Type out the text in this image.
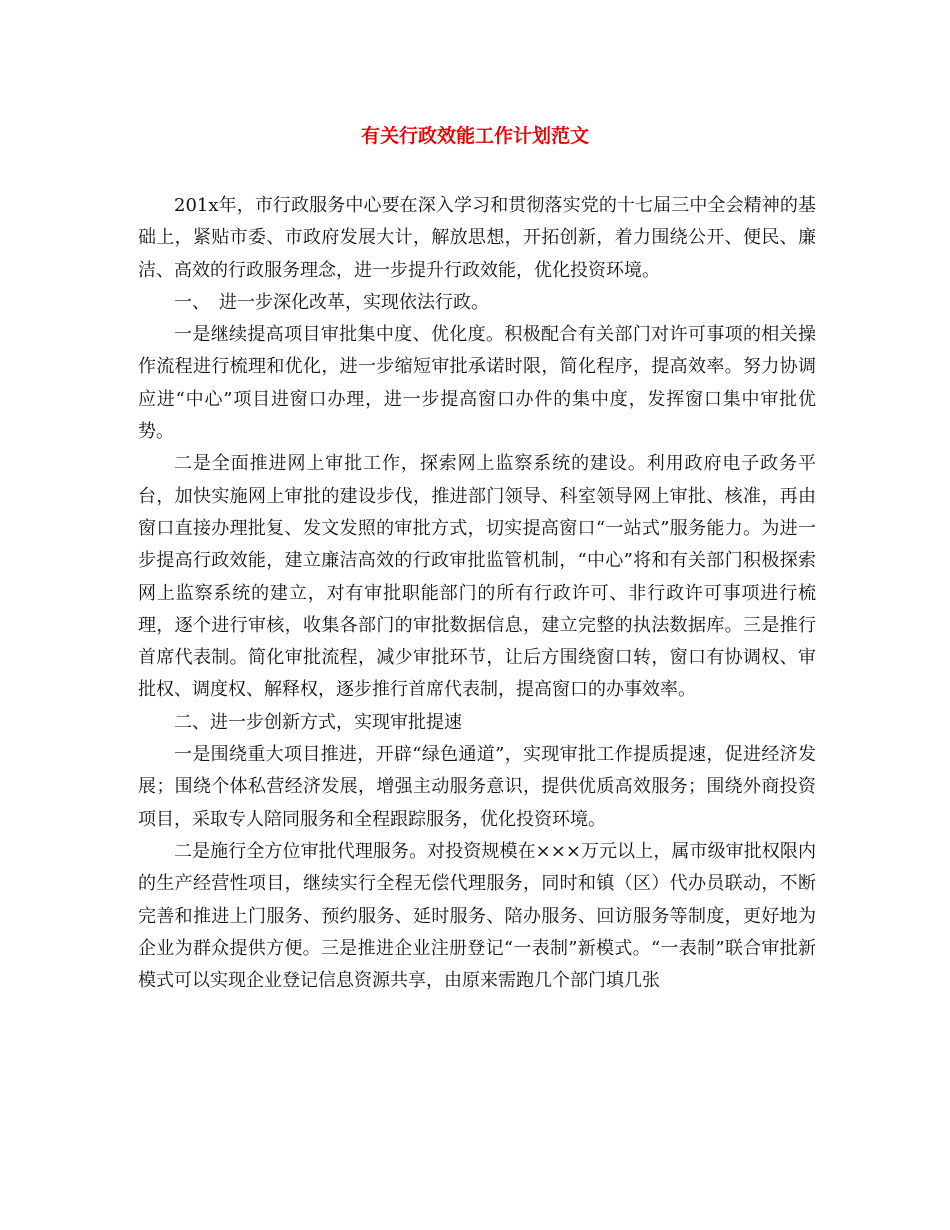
有关行政效能工作计划范文

201x年，市行政服务中心要在深入学习和贯彻落实党的十七届三中全会精神的基础上，紧贴市委、市政府发展大计，解放思想，开拓创新，着力围绕公开、便民、廉洁、高效的行政服务理念，进一步提升行政效能，优化投资环境。

一、　进一步深化改革，实现依法行政。

一是继续提高项目审批集中度、优化度。积极配合有关部门对许可事项的相关操作流程进行梳理和优化，进一步缩短审批承诺时限，简化程序，提高效率。努力协调应进“中心”项目进窗口办理，进一步提高窗口办件的集中度，发挥窗口集中审批优势。

二是全面推进网上审批工作，探索网上监察系统的建设。利用政府电子政务平台，加快实施网上审批的建设步伐，推进部门领导、科室领导网上审批、核准，再由窗口直接办理批复、发文发照的审批方式，切实提高窗口“一站式”服务能力。为进一步提高行政效能，建立廉洁高效的行政审批监管机制，“中心”将和有关部门积极探索网上监察系统的建立，对有审批职能部门的所有行政许可、非行政许可事项进行梳理，逐个进行审核，收集各部门的审批数据信息，建立完整的执法数据库。三是推行首席代表制。简化审批流程，减少审批环节，让后方围绕窗口转，窗口有协调权、审批权、调度权、解释权，逐步推行首席代表制，提高窗口的办事效率。

二、进一步创新方式，实现审批提速

一是围绕重大项目推进，开辟“绿色通道”，实现审批工作提质提速，促进经济发展；围绕个体私营经济发展，增强主动服务意识，提供优质高效服务；围绕外商投资项目，采取专人陪同服务和全程跟踪服务，优化投资环境。

二是施行全方位审批代理服务。对投资规模在×××万元以上，属市级审批权限内的生产经营性项目，继续实行全程无偿代理服务，同时和镇（区）代办员联动，不断完善和推进上门服务、预约服务、延时服务、陪办服务、回访服务等制度，更好地为企业为群众提供方便。三是推进企业注册登记“一表制”新模式。“一表制”联合审批新模式可以实现企业登记信息资源共享，由原来需跑几个部门填几张
